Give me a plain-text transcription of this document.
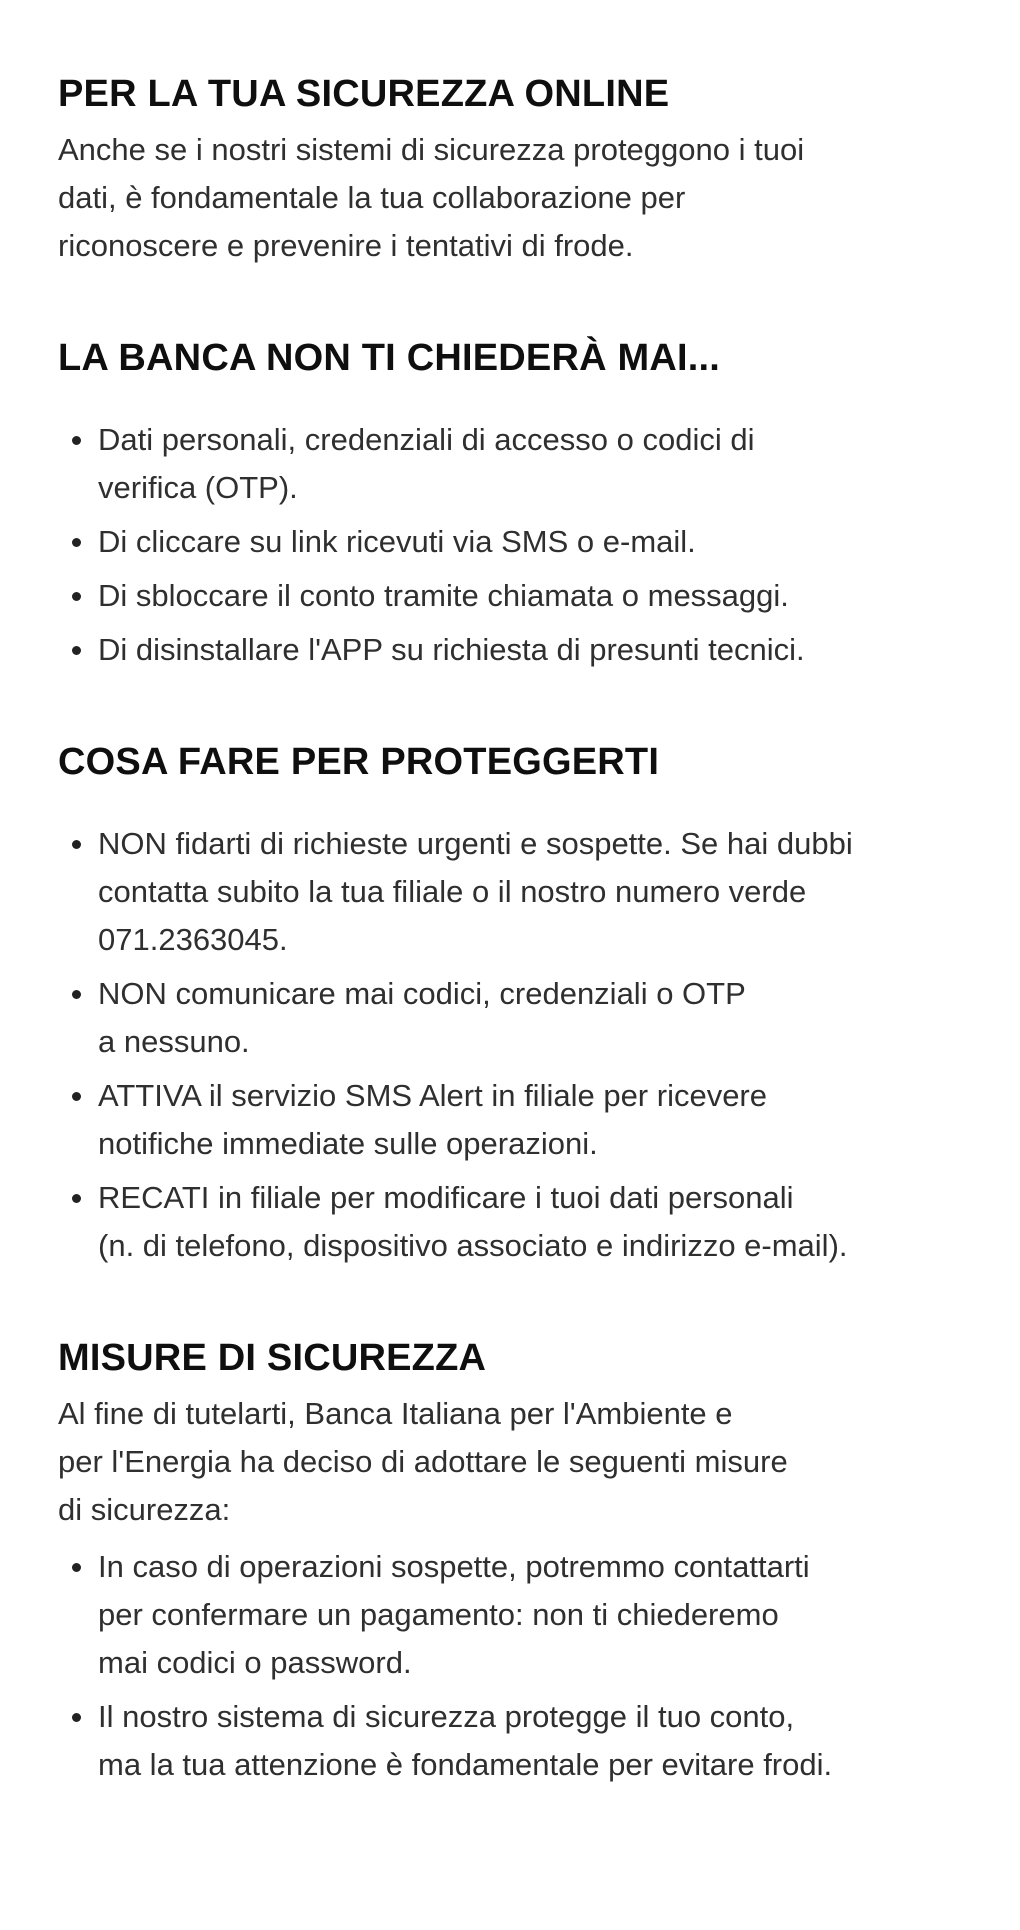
PER LA TUA SICUREZZA ONLINE
Anche se i nostri sistemi di sicurezza proteggono i tuoi
dati, è fondamentale la tua collaborazione per
riconoscere e prevenire i tentativi di frode.
LA BANCA NON TI CHIEDERÀ MAI...
Dati personali, credenziali di accesso o codici di
verifica (OTP).
Di cliccare su link ricevuti via SMS o e-mail.
Di sbloccare il conto tramite chiamata o messaggi.
Di disinstallare l'APP su richiesta di presunti tecnici.
COSA FARE PER PROTEGGERTI
NON fidarti di richieste urgenti e sospette. Se hai dubbi
contatta subito la tua filiale o il nostro numero verde
071.2363045.
NON comunicare mai codici, credenziali o OTP
a nessuno.
ATTIVA il servizio SMS Alert in filiale per ricevere
notifiche immediate sulle operazioni.
RECATI in filiale per modificare i tuoi dati personali
(n. di telefono, dispositivo associato e indirizzo e-mail).
MISURE DI SICUREZZA
Al fine di tutelarti, Banca Italiana per l'Ambiente e
per l'Energia ha deciso di adottare le seguenti misure
di sicurezza:
In caso di operazioni sospette, potremmo contattarti
per confermare un pagamento: non ti chiederemo
mai codici o password.
Il nostro sistema di sicurezza protegge il tuo conto,
ma la tua attenzione è fondamentale per evitare frodi.
